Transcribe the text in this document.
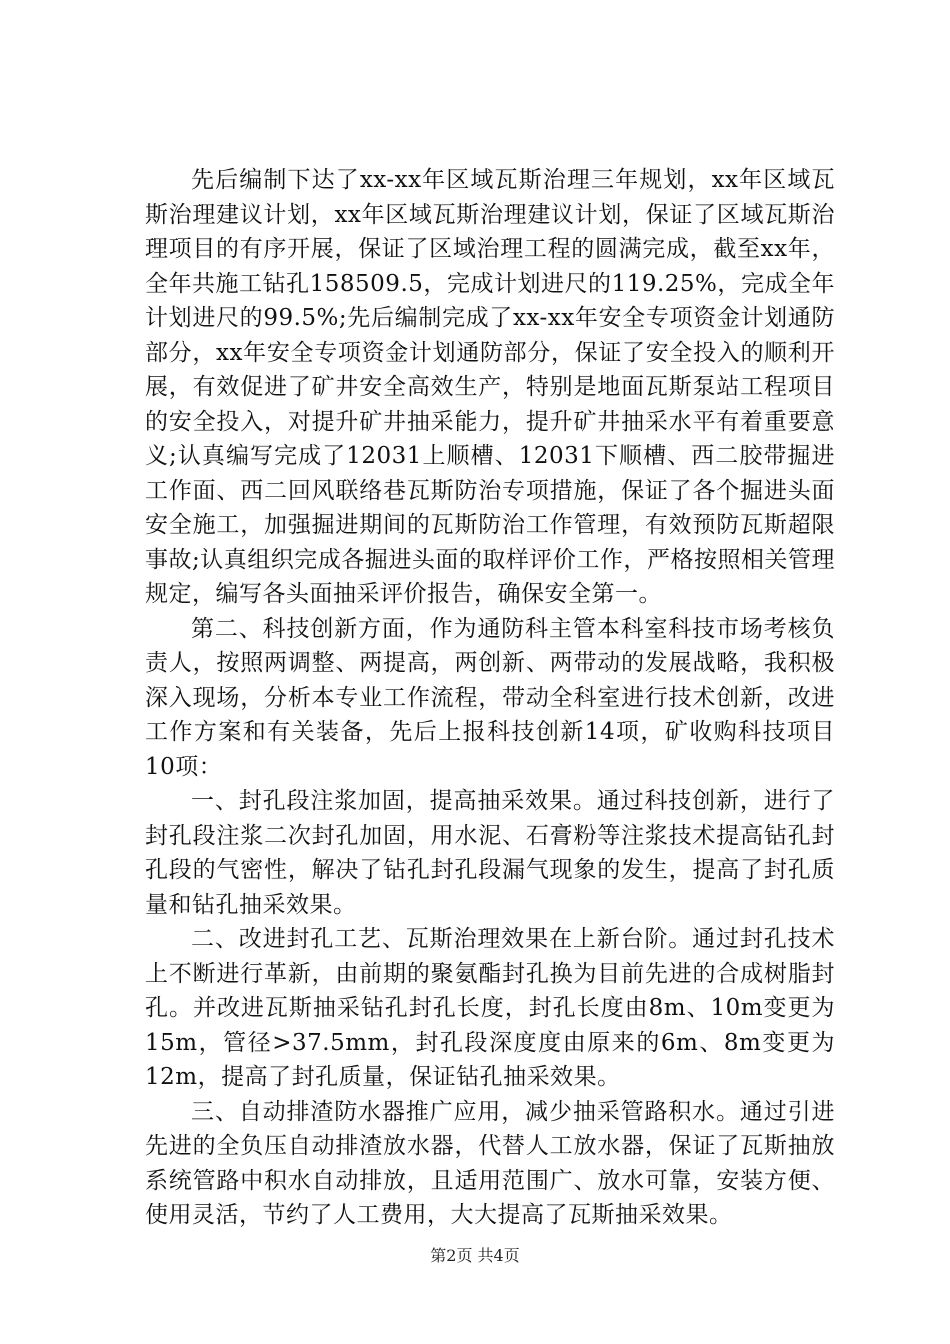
先后编制下达了xx-xx年区域瓦斯治理三年规划，xx年区域瓦斯治理建议计划，xx年区域瓦斯治理建议计划，保证了区域瓦斯治理项目的有序开展，保证了区域治理工程的圆满完成，截至xx年，全年共施工钻孔158509.5，完成计划进尺的119.25%，完成全年计划进尺的99.5%;先后编制完成了xx-xx年安全专项资金计划通防部分，xx年安全专项资金计划通防部分，保证了安全投入的顺利开展，有效促进了矿井安全高效生产，特别是地面瓦斯泵站工程项目的安全投入，对提升矿井抽采能力，提升矿井抽采水平有着重要意义;认真编写完成了12031上顺槽、12031下顺槽、西二胶带掘进工作面、西二回风联络巷瓦斯防治专项措施，保证了各个掘进头面安全施工，加强掘进期间的瓦斯防治工作管理，有效预防瓦斯超限事故;认真组织完成各掘进头面的取样评价工作，严格按照相关管理规定，编写各头面抽采评价报告，确保安全第一。

第二、科技创新方面，作为通防科主管本科室科技市场考核负责人，按照两调整、两提高，两创新、两带动的发展战略，我积极深入现场，分析本专业工作流程，带动全科室进行技术创新，改进工作方案和有关装备，先后上报科技创新14项，矿收购科技项目10项：

一、封孔段注浆加固，提高抽采效果。通过科技创新，进行了封孔段注浆二次封孔加固，用水泥、石膏粉等注浆技术提高钻孔封孔段的气密性，解决了钻孔封孔段漏气现象的发生，提高了封孔质量和钻孔抽采效果。

二、改进封孔工艺、瓦斯治理效果在上新台阶。通过封孔技术上不断进行革新，由前期的聚氨酯封孔换为目前先进的合成树脂封孔。并改进瓦斯抽采钻孔封孔长度，封孔长度由8m、10m变更为15m，管径>37.5mm，封孔段深度度由原来的6m、8m变更为12m，提高了封孔质量，保证钻孔抽采效果。

三、自动排渣防水器推广应用，减少抽采管路积水。通过引进先进的全负压自动排渣放水器，代替人工放水器，保证了瓦斯抽放系统管路中积水自动排放，且适用范围广、放水可靠，安装方便、使用灵活，节约了人工费用，大大提高了瓦斯抽采效果。

第2页 共4页
